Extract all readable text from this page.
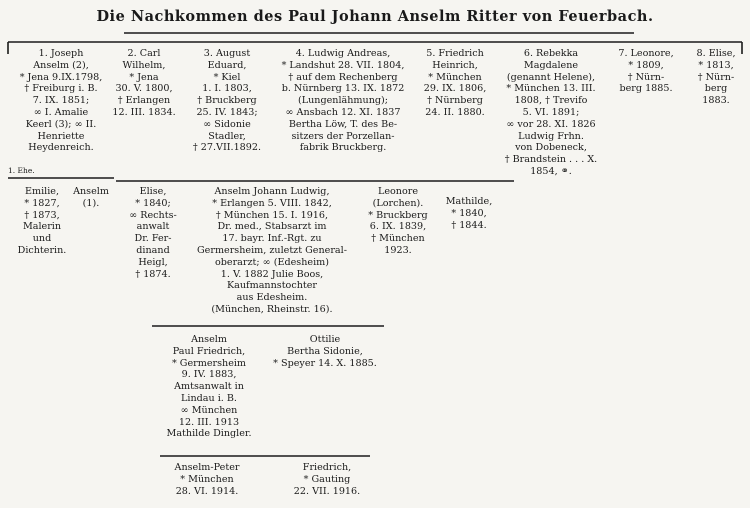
Die Nachkommen des Paul Johann Anselm Ritter von Feuerbach.
1. Joseph
Anselm (2),
* Jena 9.IX.1798,
† Freiburg i. B.
7. IX. 1851;
∞ I. Amalie
Keerl (3); ∞ II.
Henriette
Heydenreich.
2. Carl
Wilhelm,
* Jena
30. V. 1800,
† Erlangen
12. III. 1834.
3. August
Eduard,
* Kiel
1. I. 1803,
† Bruckberg
25. IV. 1843;
∞ Sidonie
Stadler,
† 27.VII.1892.
4. Ludwig Andreas,
* Landshut 28. VII. 1804,
† auf dem Rechenberg
b. Nürnberg 13. IX. 1872
(Lungenlähmung);
∞ Ansbach 12. XI. 1837
Bertha Löw, T. des Be-
sitzers der Porzellan-
fabrik Bruckberg.
5. Friedrich
Heinrich,
* München
29. IX. 1806,
† Nürnberg
24. II. 1880.
6. Rebekka
Magdalene
(genannt Helene),
* München 13. III.
1808, † Trevifo
5. VI. 1891;
∞ vor 28. XI. 1826
Ludwig Frhn.
von Dobeneck,
† Brandstein . . . X.
1854, ⚭.
7. Leonore,
* 1809,
† Nürn-
berg 1885.
8. Elise,
* 1813,
† Nürn-
berg
1883.
1. Ehe.
Emilie,
* 1827,
† 1873,
Malerin
und
Dichterin.
Anselm
(1).
Elise,
* 1840;
∞ Rechts-
anwalt
Dr. Fer-
dinand
Heigl,
† 1874.
Anselm Johann Ludwig,
* Erlangen 5. VIII. 1842,
† München 15. I. 1916,
Dr. med., Stabsarzt im
17. bayr. Inf.-Rgt. zu
Germersheim, zuletzt General-
oberarzt; ∞ (Edesheim)
1. V. 1882 Julie Boos,
Kaufmannstochter
aus Edesheim.
(München, Rheinstr. 16).
Leonore
(Lorchen).
* Bruckberg
6. IX. 1839,
† München
1923.
Mathilde,
* 1840,
† 1844.
Anselm
Paul Friedrich,
* Germersheim
9. IV. 1883,
Amtsanwalt in
Lindau i. B.
∞ München
12. III. 1913
Mathilde Dingler.
Ottilie
Bertha Sidonie,
* Speyer 14. X. 1885.
Anselm-Peter
* München
28. VI. 1914.
Friedrich,
* Gauting
22. VII. 1916.
